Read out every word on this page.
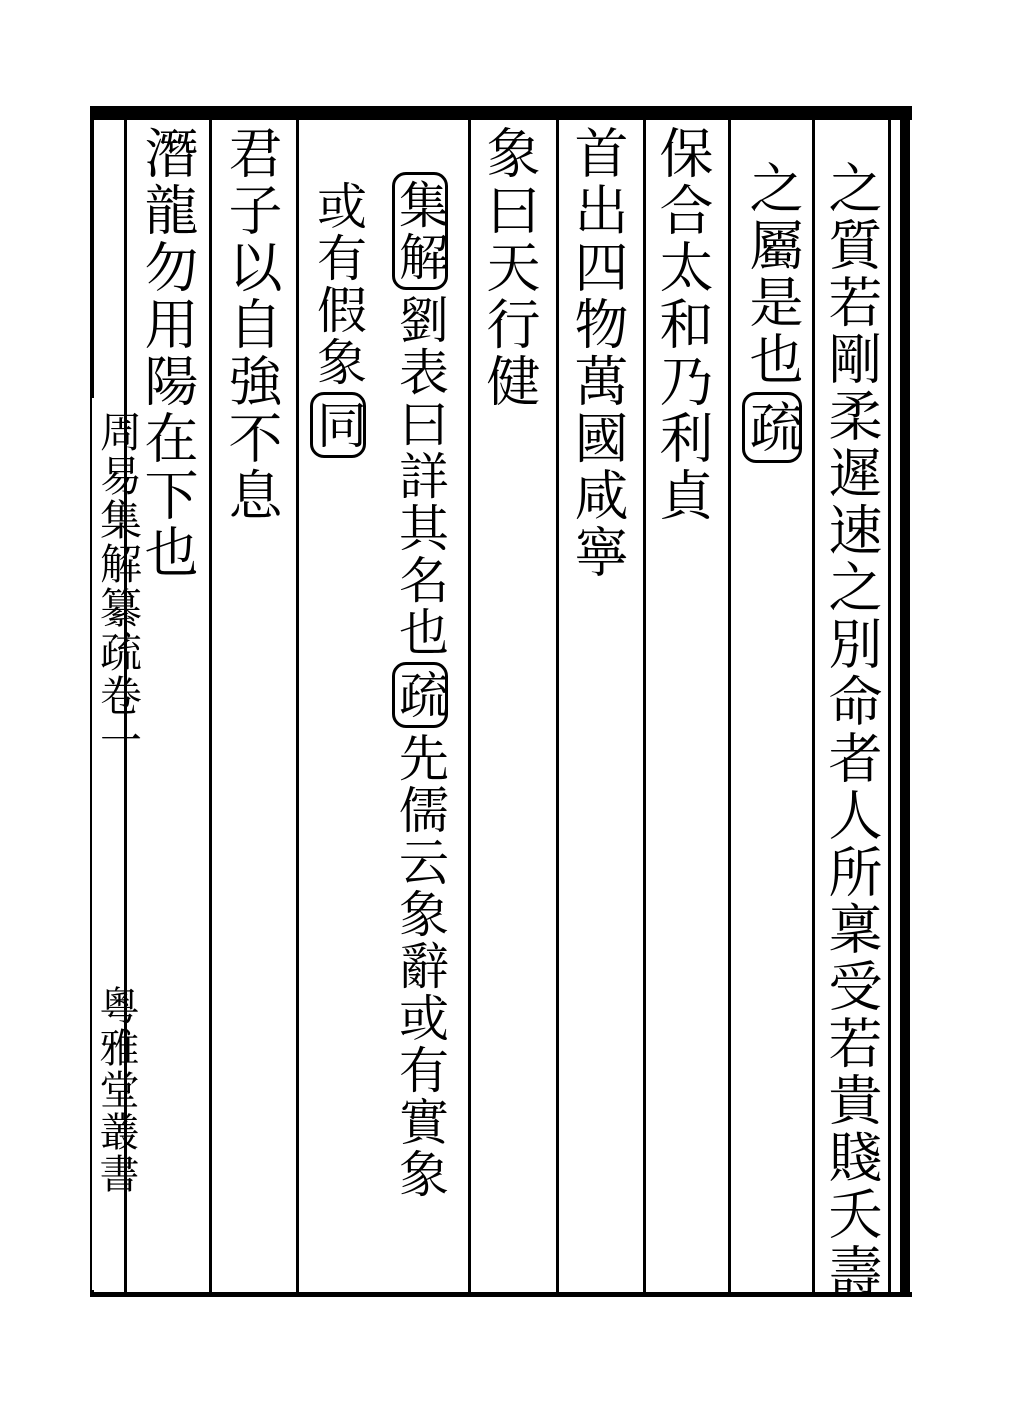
之質若剛柔遲速之別命者人所稟受若貴賤夭壽
之屬是也疏
保合太和乃利貞
首出四物萬國咸寧
象曰天行健
集解劉表曰詳其名也疏先儒云象辭或有實象
或有假象同
君子以自強不息
潛龍勿用陽在下也
周易集解纂疏卷一
粵雅堂叢書
